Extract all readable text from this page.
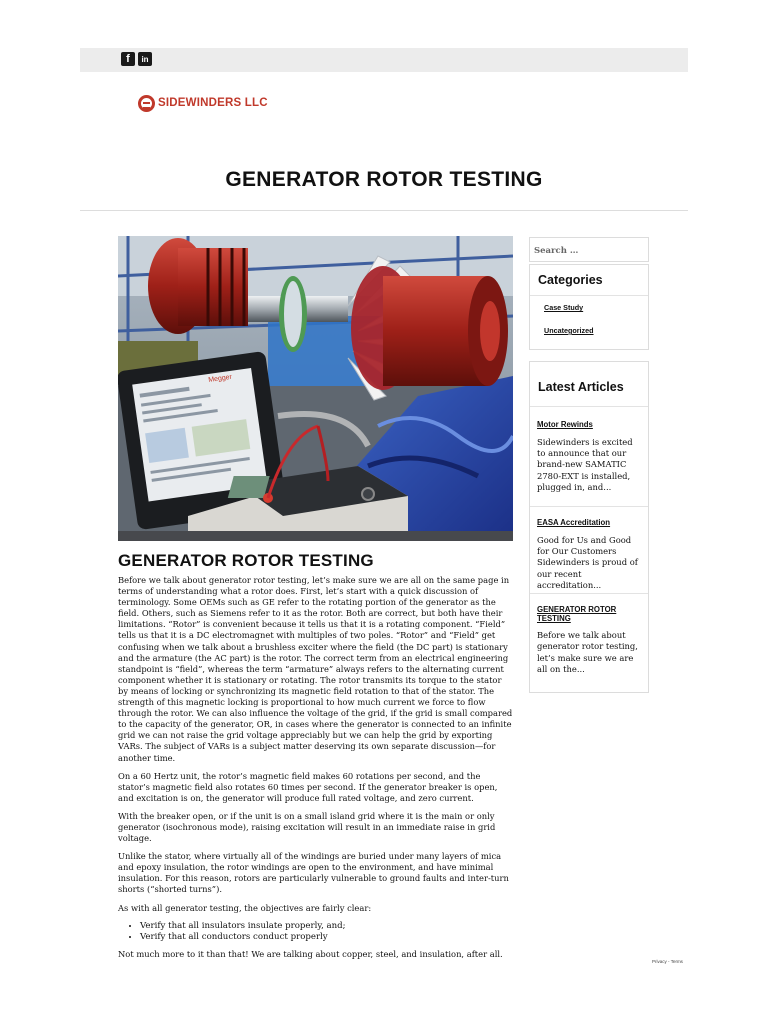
f	in
SIDEWINDERS LLC
GENERATOR ROTOR TESTING
Megger
GENERATOR ROTOR TESTING

Before we talk about generator rotor testing, let’s make sure we are all on the same page in terms of understanding what a rotor does. First, let’s start with a quick discussion of terminology. Some OEMs such as GE refer to the rotating portion of the generator as the field. Others, such as Siemens refer to it as the rotor. Both are correct, but both have their limitations. “Rotor” is convenient because it tells us that it is a rotating component. “Field” tells us that it is a DC electromagnet with multiples of two poles. “Rotor” and “Field” get confusing when we talk about a brushless exciter where the field (the DC part) is stationary and the armature (the AC part) is the rotor. The correct term from an electrical engineering standpoint is “field”, whereas the term “armature” always refers to the alternating current component whether it is stationary or rotating. The rotor transmits its torque to the stator by means of locking or synchronizing its magnetic field rotation to that of the stator. The strength of this magnetic locking is proportional to how much current we force to flow through the rotor. We can also influence the voltage of the grid, if the grid is small compared to the capacity of the generator, OR, in cases where the generator is connected to an infinite grid we can not raise the grid voltage appreciably but we can help the grid by exporting VARs. The subject of VARs is a subject matter deserving its own separate discussion—for another time.

On a 60 Hertz unit, the rotor’s magnetic field makes 60 rotations per second, and the stator’s magnetic field also rotates 60 times per second. If the generator breaker is open, and excitation is on, the generator will produce full rated voltage, and zero current.

With the breaker open, or if the unit is on a small island grid where it is the main or only generator (isochronous mode), raising excitation will result in an immediate raise in grid voltage.

Unlike the stator, where virtually all of the windings are buried under many layers of mica and epoxy insulation, the rotor windings are open to the environment, and have minimal insulation. For this reason, rotors are particularly vulnerable to ground faults and inter-turn shorts (“shorted turns”).

As with all generator testing, the objectives are fairly clear:

• Verify that all insulators insulate properly, and;
• Verify that all conductors conduct properly

Not much more to it than that! We are talking about copper, steel, and insulation, after all.

Search …
Categories
Case Study
Uncategorized
Latest Articles
Motor Rewinds
Sidewinders is excited to announce that our brand-new SAMATIC 2780-EXT is installed, plugged in, and...
EASA Accreditation
Good for Us and Good for Our Customers Sidewinders is proud of our recent accreditation...
GENERATOR ROTOR TESTING
Before we talk about generator rotor testing, let’s make sure we are all on the...
Privacy - Terms
